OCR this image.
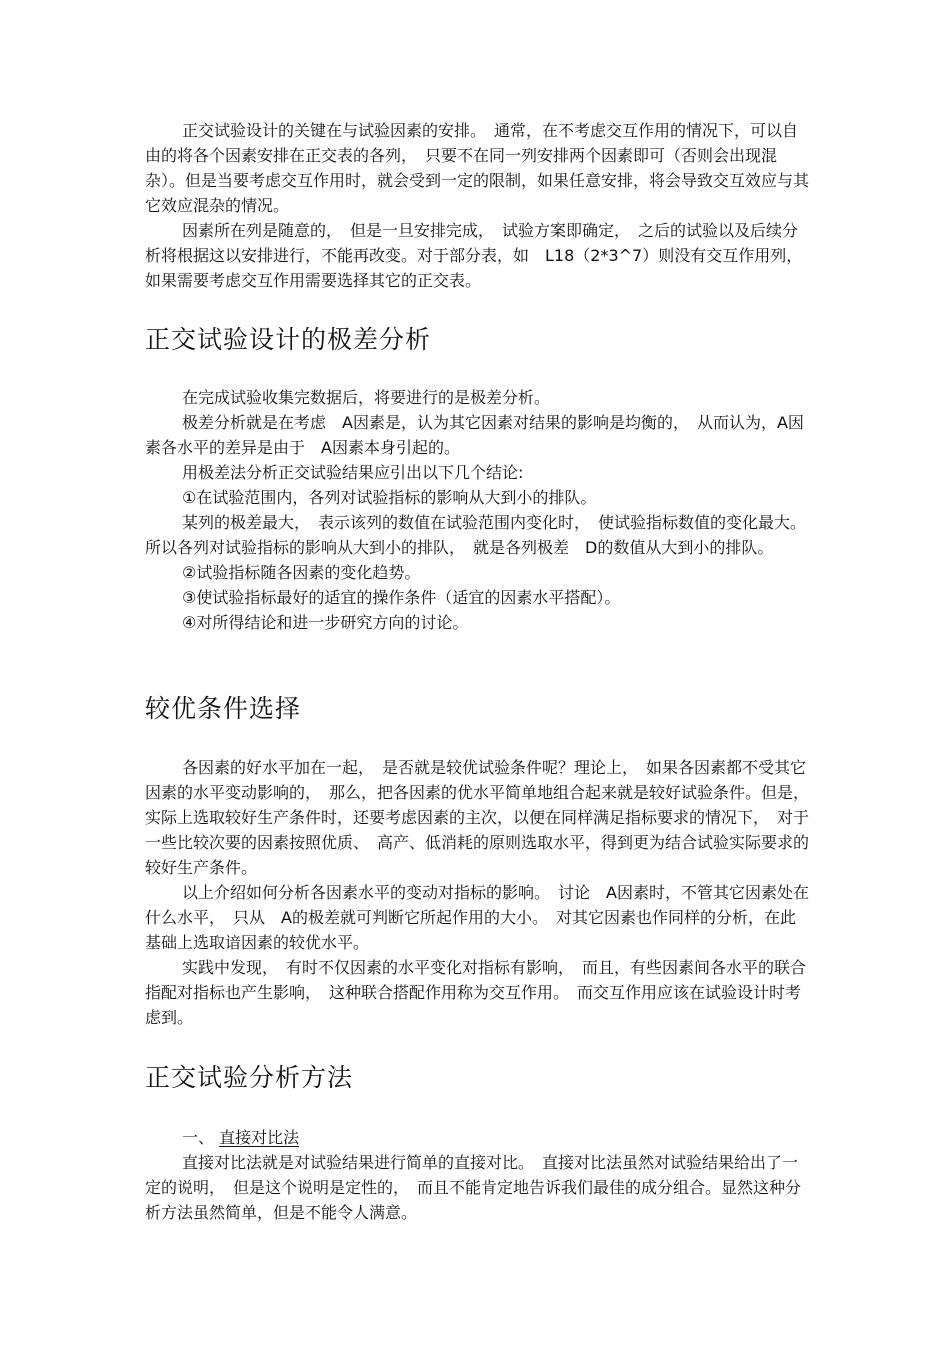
正交试验设计的关键在与试验因素的安排。　通常，在不考虑交互作用的情况下，可以自由的将各个因素安排在正交表的各列，　只要不在同一列安排两个因素即可（否则会出现混杂）。但是当要考虑交互作用时，就会受到一定的限制，如果任意安排，将会导致交互效应与其它效应混杂的情况。

因素所在列是随意的，　但是一旦安排完成，　试验方案即确定，　之后的试验以及后续分析将根据这以安排进行，不能再改变。对于部分表，如　L18（2*3^7）则没有交互作用列，如果需要考虑交互作用需要选择其它的正交表。

正交试验设计的极差分析

在完成试验收集完数据后，将要进行的是极差分析。

极差分析就是在考虑　A因素是，认为其它因素对结果的影响是均衡的，　从而认为，A因素各水平的差异是由于　A因素本身引起的。

用极差法分析正交试验结果应引出以下几个结论:

①在试验范围内，各列对试验指标的影响从大到小的排队。

某列的极差最大，　表示该列的数值在试验范围内变化时，　使试验指标数值的变化最大。所以各列对试验指标的影响从大到小的排队，　就是各列极差　D的数值从大到小的排队。

②试验指标随各因素的变化趋势。

③使试验指标最好的适宜的操作条件（适宜的因素水平搭配）。

④对所得结论和进一步研究方向的讨论。

较优条件选择

各因素的好水平加在一起，　是否就是较优试验条件呢？理论上，　如果各因素都不受其它因素的水平变动影响的，　那么，把各因素的优水平简单地组合起来就是较好试验条件。但是，实际上选取较好生产条件时，还要考虑因素的主次，以便在同样满足指标要求的情况下，　对于一些比较次要的因素按照优质、　高产、低消耗的原则选取水平，得到更为结合试验实际要求的较好生产条件。

以上介绍如何分析各因素水平的变动对指标的影响。　讨论　A因素时，不管其它因素处在什么水平，　只从　A的极差就可判断它所起作用的大小。　对其它因素也作同样的分析，在此基础上选取谙因素的较优水平。

实践中发现，　有时不仅因素的水平变化对指标有影响，　而且，有些因素间各水平的联合指配对指标也产生影响，　这种联合搭配作用称为交互作用。　而交互作用应该在试验设计时考虑到。

正交试验分析方法

一、 直接对比法

直接对比法就是对试验结果进行简单的直接对比。　直接对比法虽然对试验结果给出了一定的说明，　但是这个说明是定性的，　而且不能肯定地告诉我们最佳的成分组合。显然这种分析方法虽然简单，但是不能令人满意。
